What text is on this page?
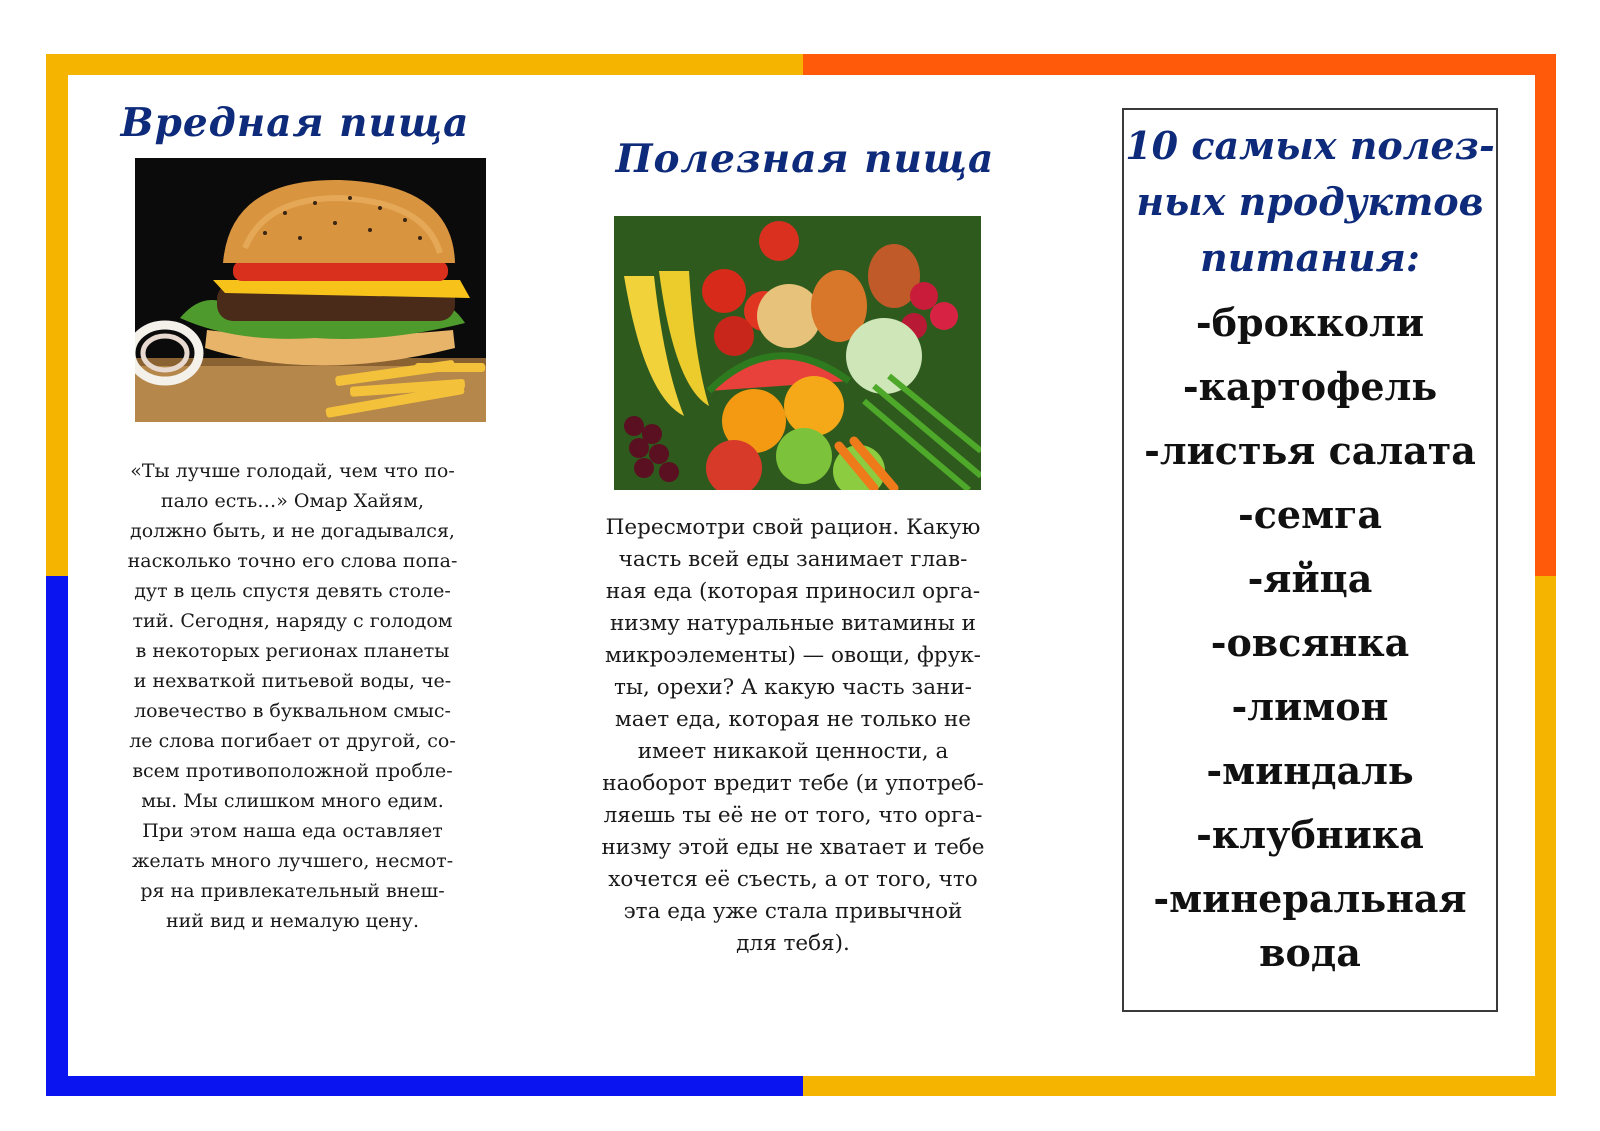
Вредная пища

«Ты лучше голодай, чем что по-
пало есть…» Омар Хайям,
должно быть, и не догадывался,
насколько точно его слова попа-
дут в цель спустя девять столе-
тий. Сегодня, наряду с голодом
в некоторых регионах планеты
и нехваткой питьевой воды, че-
ловечество в буквальном смыс-
ле слова погибает от другой, со-
всем противоположной пробле-
мы. Мы слишком много едим.
При этом наша еда оставляет
желать много лучшего, несмот-
ря на привлекательный внеш-
ний вид и немалую цену.

Полезная пища

Пересмотри свой рацион. Какую
часть всей еды занимает глав-
ная еда (которая приносил орга-
низму натуральные витамины и
микроэлементы) — овощи, фрук-
ты, орехи? А какую часть зани-
мает еда, которая не только не
имеет никакой ценности, а
наоборот вредит тебе (и употреб-
ляешь ты её не от того, что орга-
низму этой еды не хватает и тебе
хочется её съесть, а от того, что
эта еда уже стала привычной
для тебя).

10 самых полез-
ных продуктов
питания:
-брокколи
-картофель
-листья салата
-семга
-яйца
-овсянка
-лимон
-миндаль
-клубника
-минеральная
вода
